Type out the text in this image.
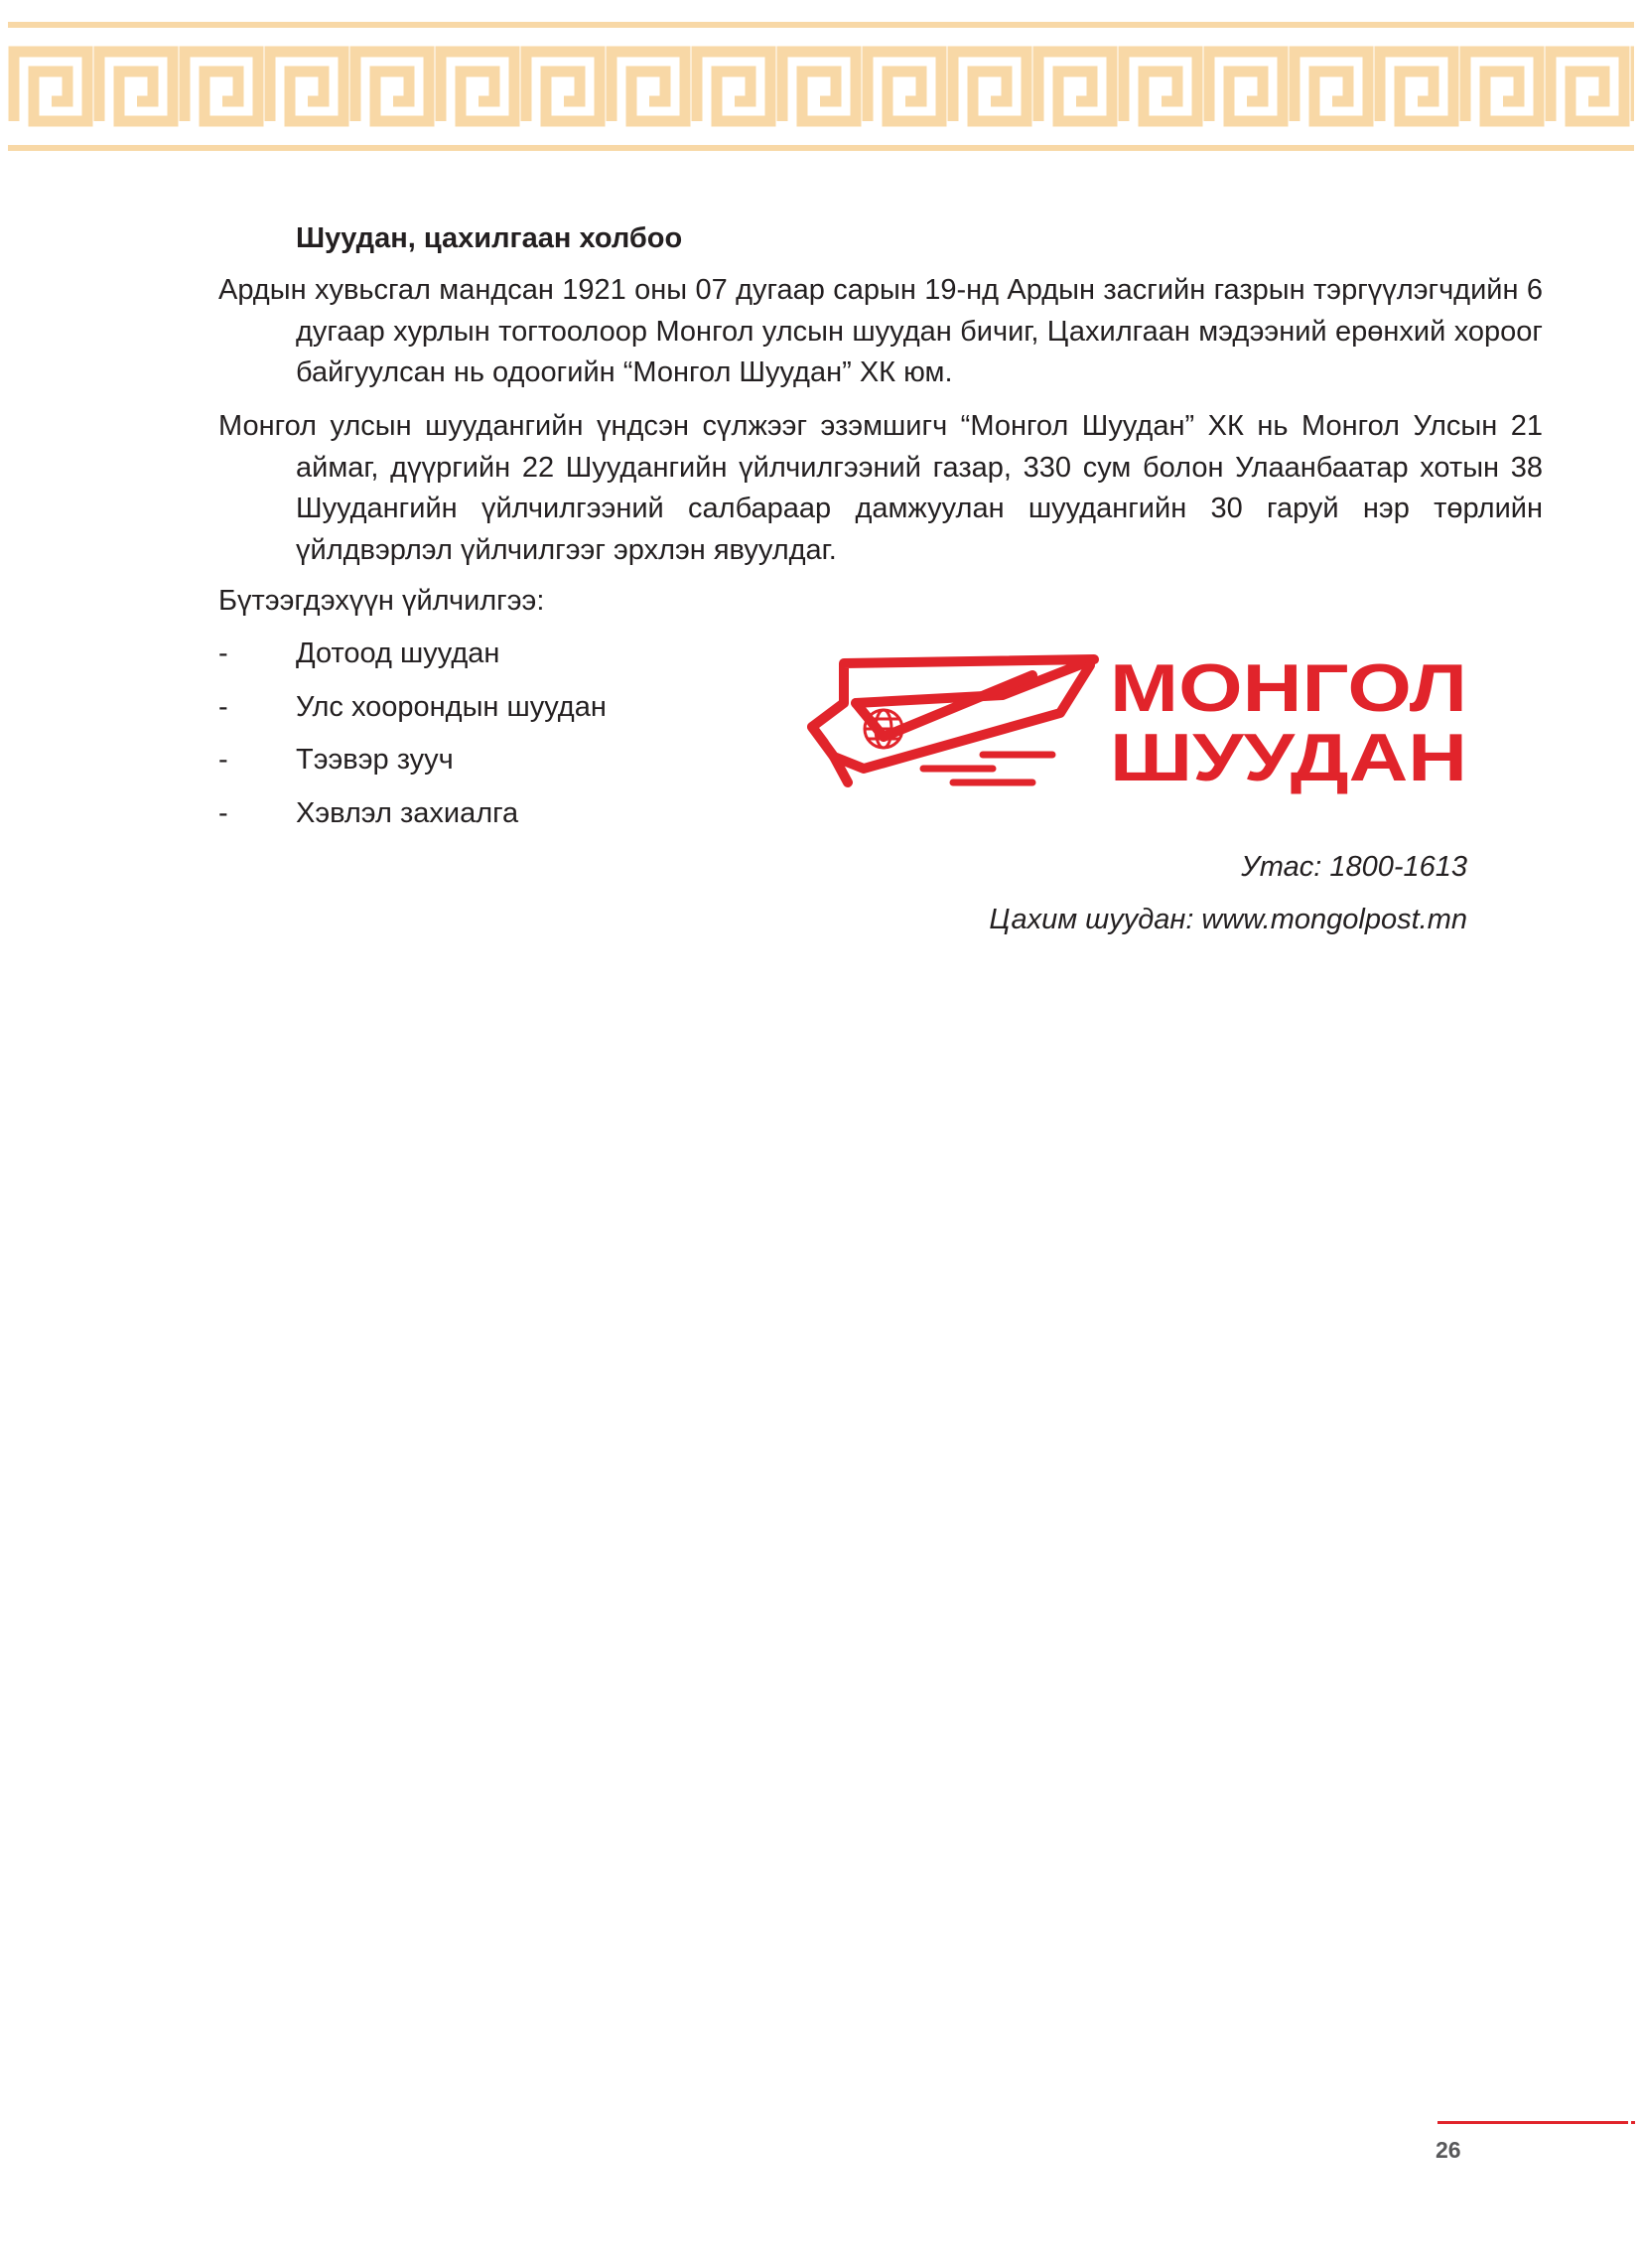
Шуудан, цахилгаан холбоо

Ардын хувьсгал мандсан 1921 оны 07 дугаар сарын 19-нд Ардын засгийн газрын тэргүүлэгчдийн 6 дугаар хурлын тогтоолоор Монгол улсын шуудан бичиг, Цахилгаан мэдээний ерөнхий хороог байгуулсан нь одоогийн “Монгол Шуудан” ХК юм.

Монгол улсын шуудангийн үндсэн сүлжээг эзэмшигч “Монгол Шуудан” ХК нь Монгол Улсын 21 аймаг, дүүргийн 22 Шуудангийн үйлчилгээний газар, 330 сум болон Улаанбаатар хотын 38 Шуудангийн үйлчилгээний салбараар дамжуулан шуудангийн 30 гаруй нэр төрлийн үйлдвэрлэл үйлчилгээг эрхлэн явуулдаг.

Бүтээгдэхүүн үйлчилгээ:

-	Дотоод шуудан
-	Улс хоорондын шуудан
-	Тээвэр зууч
-	Хэвлэл захиалга
МОНГОЛ
ШУУДАН

Утас: 1800-1613

Цахим шуудан: www.mongolpost.mn

26
